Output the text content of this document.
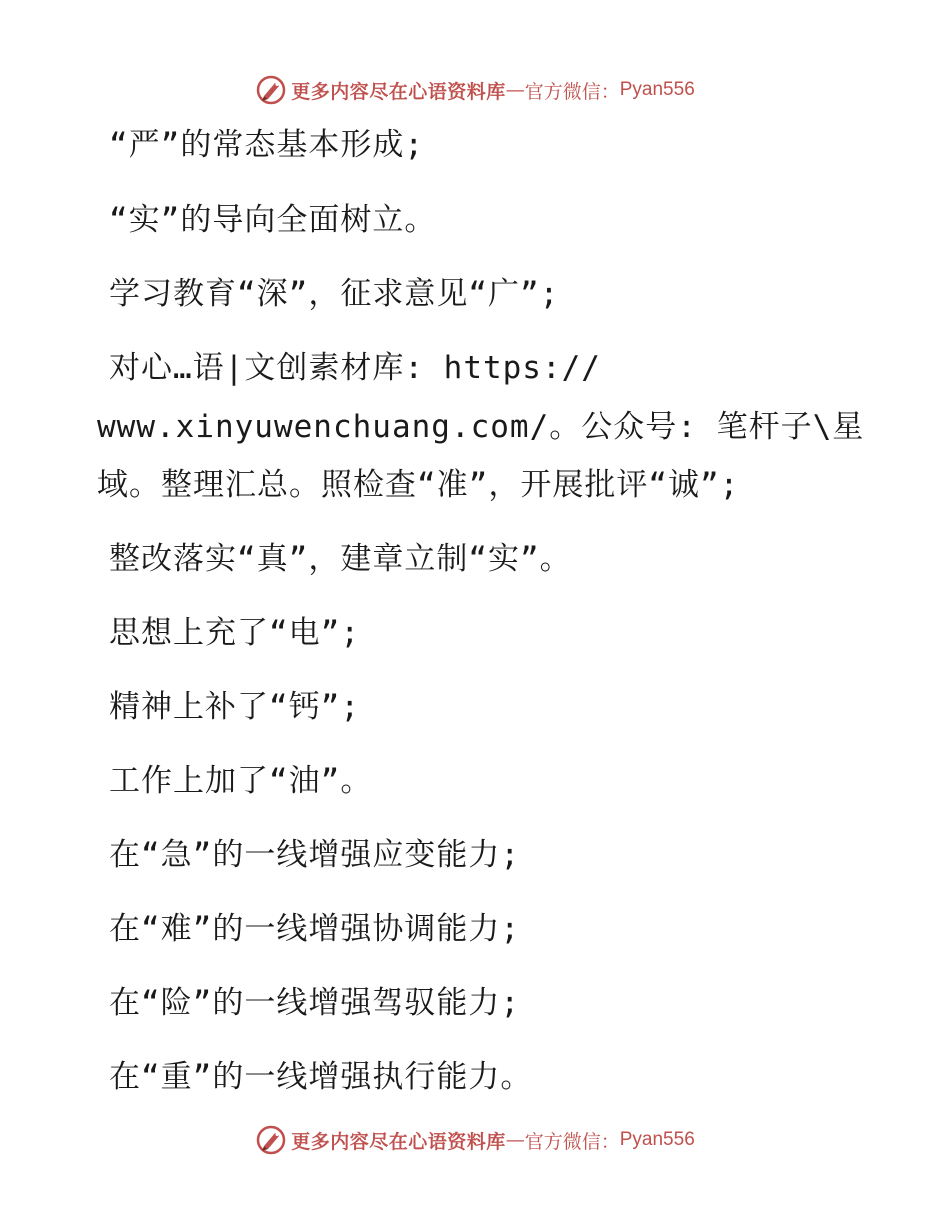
更多内容尽在心语资料库 — 官方微信： Pyan556
“严”的常态基本形成;
“实”的导向全面树立。
学习教育“深”，征求意见“广”;
对心…语|文创素材库: https://
www.xinyuwenchuang.com/。公众号: 笔杆子\星
域。整理汇总。照检查“准”，开展批评“诚”;
整改落实“真”，建章立制“实”。
思想上充了“电”;
精神上补了“钙”;
工作上加了“油”。
在“急”的一线增强应变能力;
在“难”的一线增强协调能力;
在“险”的一线增强驾驭能力;
在“重”的一线增强执行能力。
更多内容尽在心语资料库 — 官方微信： Pyan556
